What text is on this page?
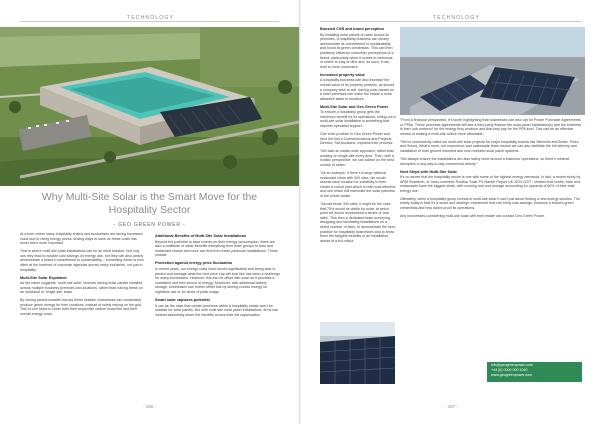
TECHNOLOGY	TECHNOLOGY
Why Multi-Site Solar is the Smart Move for the Hospitality Sector
- GEO GREEN POWER -

At a time where many hospitality chains and businesses are facing increased costs due to rising energy prices, finding ways to save on these costs has never been more important.

That is where multi-site solar installations can be an ideal solution. Not only can they lead to notable cost savings on energy use, but they can also clearly demonstrate a brand's commitment to sustainability – something which is now often at the forefront of corporate agendas across many industries, not just in hospitality.

Multi-Site Solar Explained

As the name suggests, 'multi-site solar' involves having solar panels installed across multiple business premises and locations, rather than having these on an individual or 'single-site' basis.

By having panels installed across these estates, businesses can sustainably produce green energy for their locations, instead of solely relying on the grid. This in turn helps to lower both their respective carbon footprints and their overall energy costs.

Additional Benefits of Multi-Site Solar Installations

Beyond the potential to save money on their energy consumption, there are also a multitude of wider benefits everything from hotel groups to bars and restaurant chains and more can find from these particular installations. These include:

Protection against energy price fluctuation

In recent years, our energy costs have turned significantly and being able to predict and manage what the next price cap will look like has been a challenge for many businesses. However, this can be offset with solar as it provides a consistent and free source of energy. Moreover, with additional battery storage, businesses can further offset this by storing excess energy for nighttime use or for times of peak usage.

Smart solar captures potential

It can be the case that certain premises within a hospitality estate won't be suitable for solar panels. But with multi-site solar panel installations, firms can instead essentially share the benefits across their full organisation.

Boosted CSR and brand perception

By installing solar panels on sites across its premises, a hospitality business can clearly demonstrate its commitment to sustainability and boost its green credentials. This can then positively influence consumer perceptions of a brand, particularly when it comes to decisions of where to stay or dine and, as such, it can lead to more customers.

Increased property value

A hospitality business can also increase the overall value of its property portfolio, as should a company wish to sell, having solar panels on a hotel premises can make the estate a more attractive asset to investors.

Multi-Site Solar and Geo Green Power

To ensure a hospitality group gets the maximum benefit for its operations, rolling out a multi-site solar installation is something that requires specialist support.

One such provider is Geo Green Power and here the firm's Communications and Projects Director, Sat Auckland, explains their process:

"We take an estate-wide approach, rather than working on single-site every-time. Then, with a holistic perspective, we can advise on the best course of action.

"As an example, if there's a large national restaurant chain with 300 sites, we would assess each location for suitability to then create a cohort plan which is both cost-effective and one which will maximise the solar potential of the whole estate.

"Across those 300 sites, it might be the case that 75% would be viable for solar, at which point we would recommend a series of 'trial sites'. This then a dedicated team surveying, designing and facilitating installations on a select number of sites, to demonstrate the best practice for hospitality businesses and to show them the tangible benefits of an installation, ahead of a full rollout.

"From a financial perspective, it's worth highlighting that businesses can also opt for Power Purchase Agreements or PPAs. These purchase agreements will see a third-party finance the solar panel installation(s) and the business is then 'sub-metered' for the energy they produce and that they pay for the PPA fund. This can be an effective means of making a multi-site rollout more affordable.

"We've successfully rolled out multi-site solar projects for major hospitality brands like Mitchells and Butler, Pizza and Sunny. What's more, our experience and nationwide team means we can also facilitate the full delivery and installation of both ground mounted and roof-mounted solar panel systems.

"We always ensure the installations are also safely done around a business' operations, so there's minimal disruption to any day-to-day commercial activity."

Next Steps with Multi-Site Solar

It's no secret that the hospitality sector is one with some of the highest energy demands. In fact, a recent study by ARM Research, or 'nano-cosmetic Rooftop Solar PV Market Report UK 2024-2027', showed that hotels, bars and restaurants have the biggest deals, with cooking and cool storage accounting for upwards of 60% of their total energy use.

Ultimately, when a hospitality group invests in multi-site solar it can't just about finding a new energy solution. The reality today is that it's a smart and strategic investment that can bring cost-savings, enhance a brand's green credentials and help future-proof its operations.

Any businesses considering multi-site solar with their estate can contact Geo Green Power.

info@geogreenpower.com
+44 (0) 0000 000 1040
www.geogreenpower.com
- 156 -	- 157 -
